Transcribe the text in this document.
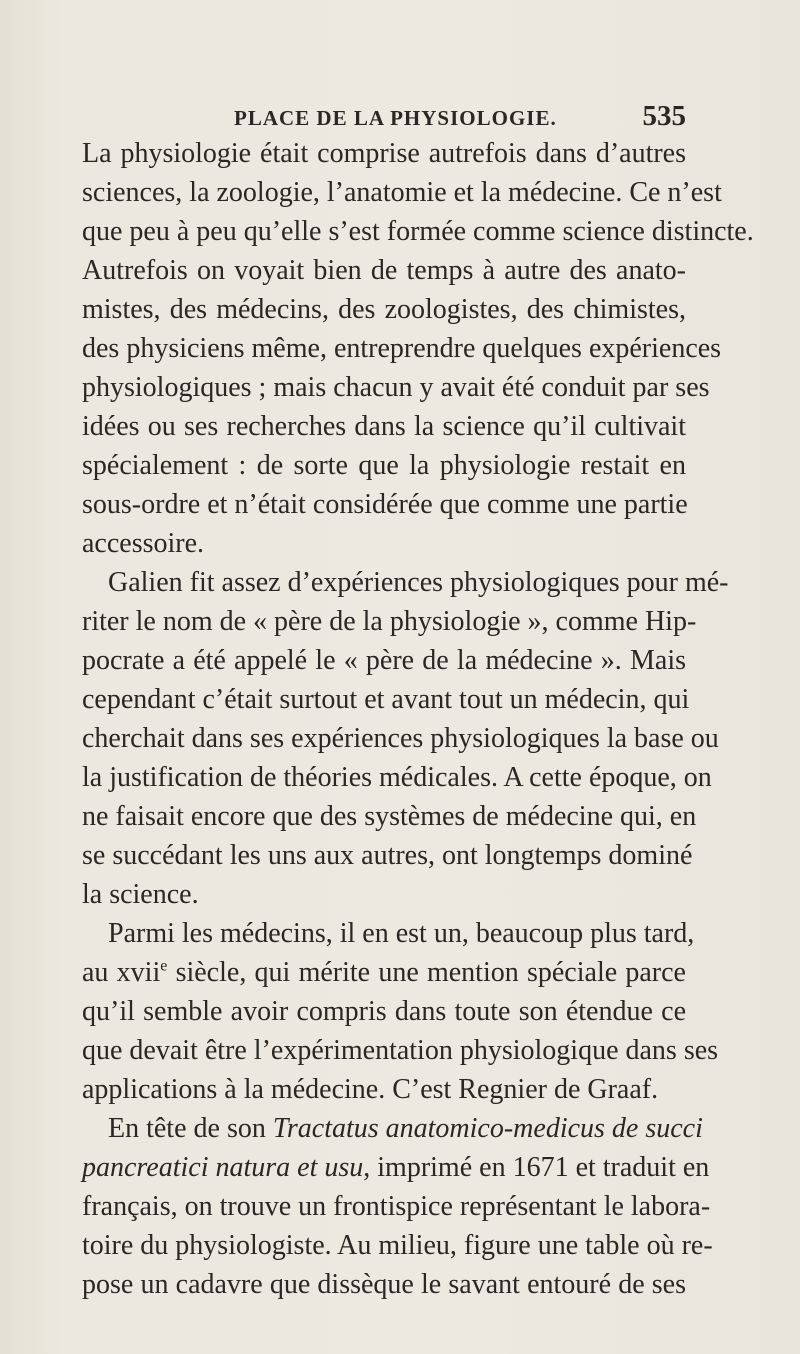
PLACE DE LA PHYSIOLOGIE.	535
La physiologie était comprise autrefois dans d’autres
sciences, la zoologie, l’anatomie et la médecine. Ce n’est
que peu à peu qu’elle s’est formée comme science distincte.
Autrefois on voyait bien de temps à autre des anato-
mistes, des médecins, des zoologistes, des chimistes,
des physiciens même, entreprendre quelques expériences
physiologiques ; mais chacun y avait été conduit par ses
idées ou ses recherches dans la science qu’il cultivait
spécialement : de sorte que la physiologie restait en
sous-ordre et n’était considérée que comme une partie
accessoire.
Galien fit assez d’expériences physiologiques pour mé-
riter le nom de « père de la physiologie », comme Hip-
pocrate a été appelé le « père de la médecine ». Mais
cependant c’était surtout et avant tout un médecin, qui
cherchait dans ses expériences physiologiques la base ou
la justification de théories médicales. A cette époque, on
ne faisait encore que des systèmes de médecine qui, en
se succédant les uns aux autres, ont longtemps dominé
la science.
Parmi les médecins, il en est un, beaucoup plus tard,
au xvii$^e$ siècle, qui mérite une mention spéciale parce
qu’il semble avoir compris dans toute son étendue ce
que devait être l’expérimentation physiologique dans ses
applications à la médecine. C’est Regnier de Graaf.
En tête de son Tractatus anatomico-medicus de succi
pancreatici natura et usu, imprimé en 1671 et traduit en
français, on trouve un frontispice représentant le labora-
toire du physiologiste. Au milieu, figure une table où re-
pose un cadavre que dissèque le savant entouré de ses
